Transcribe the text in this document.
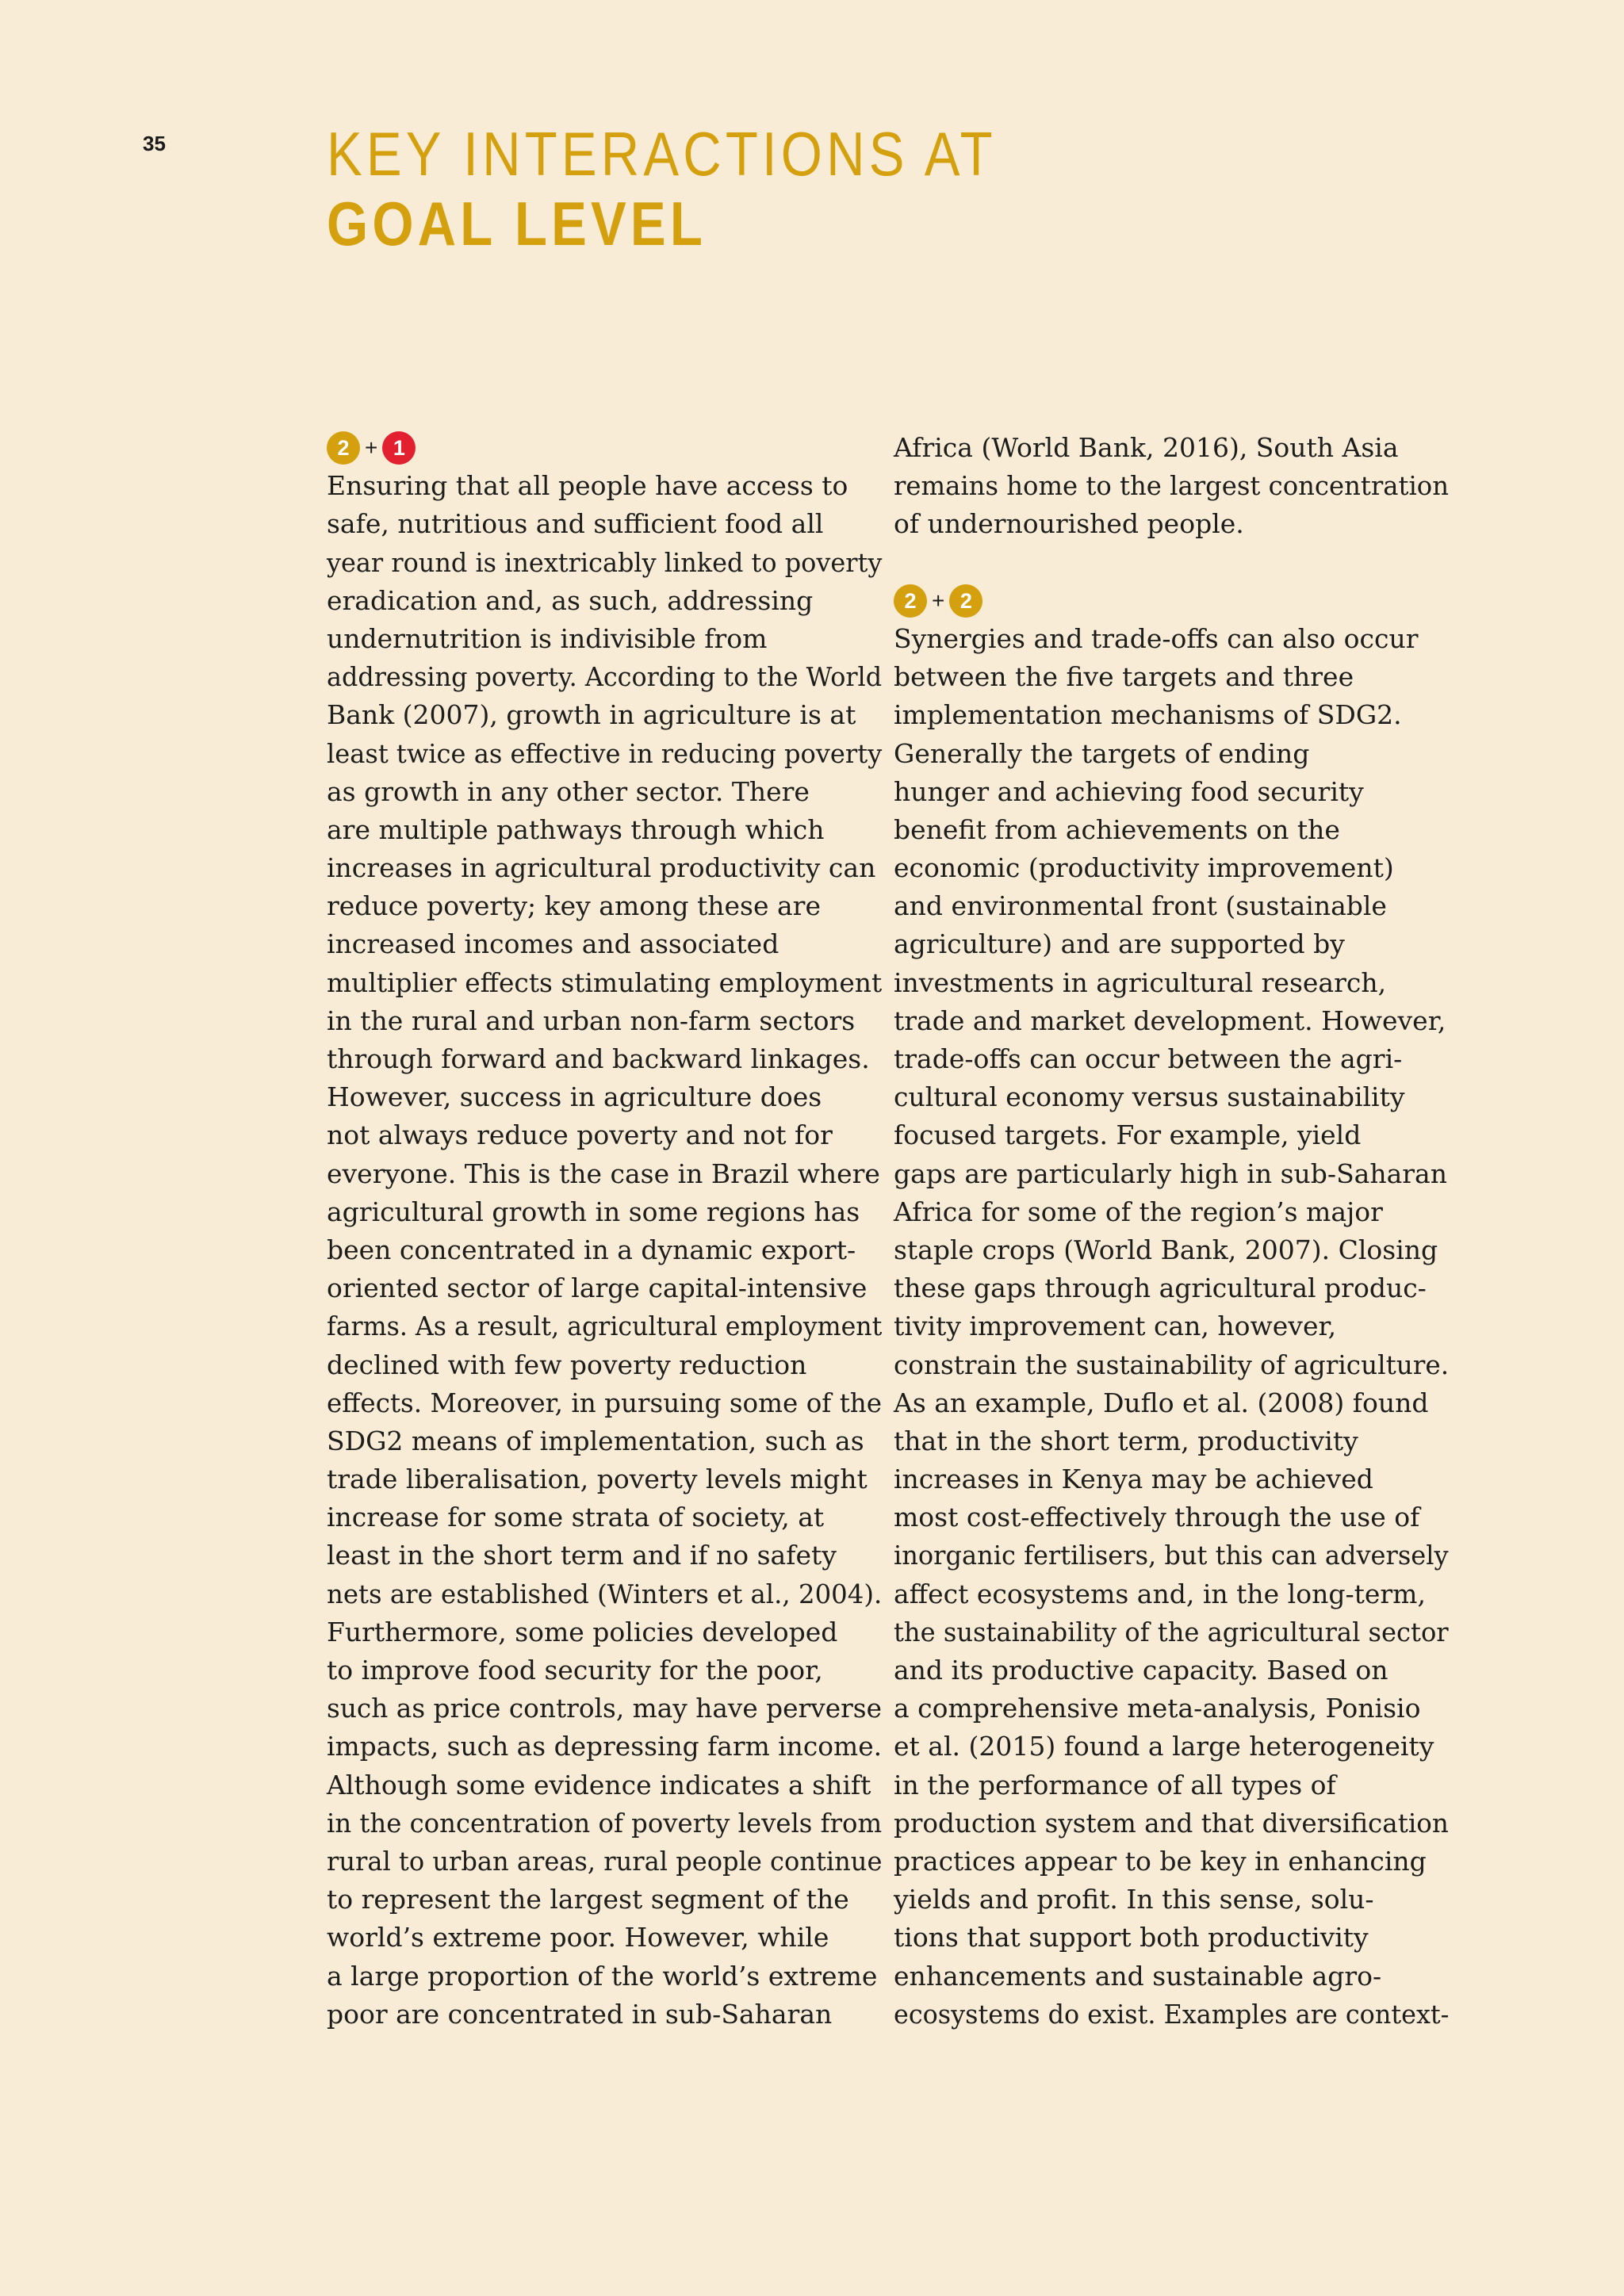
35	KEY INTERACTIONS AT
GOAL LEVEL
2 + 1
Ensuring that all people have access to
safe, nutritious and sufficient food all
year round is inextricably linked to poverty
eradication and, as such, addressing
undernutrition is indivisible from
addressing poverty. According to the World
Bank (2007), growth in agriculture is at
least twice as effective in reducing poverty
as growth in any other sector. There
are multiple pathways through which
increases in agricultural productivity can
reduce poverty; key among these are
increased incomes and associated
multiplier effects stimulating employment
in the rural and urban non-farm sectors
through forward and backward linkages.
However, success in agriculture does
not always reduce poverty and not for
everyone. This is the case in Brazil where
agricultural growth in some regions has
been concentrated in a dynamic export-
oriented sector of large capital-intensive
farms. As a result, agricultural employment
declined with few poverty reduction
effects. Moreover, in pursuing some of the
SDG2 means of implementation, such as
trade liberalisation, poverty levels might
increase for some strata of society, at
least in the short term and if no safety
nets are established (Winters et al., 2004).
Furthermore, some policies developed
to improve food security for the poor,
such as price controls, may have perverse
impacts, such as depressing farm income.
Although some evidence indicates a shift
in the concentration of poverty levels from
rural to urban areas, rural people continue
to represent the largest segment of the
world’s extreme poor. However, while
a large proportion of the world’s extreme
poor are concentrated in sub-Saharan
Africa (World Bank, 2016), South Asia
remains home to the largest concentration
of undernourished people.
2 + 2
Synergies and trade-offs can also occur
between the five targets and three
implementation mechanisms of SDG2.
Generally the targets of ending
hunger and achieving food security
benefit from achievements on the
economic (productivity improvement)
and environmental front (sustainable
agriculture) and are supported by
investments in agricultural research,
trade and market development. However,
trade-offs can occur between the agri-
cultural economy versus sustainability
focused targets. For example, yield
gaps are particularly high in sub-Saharan
Africa for some of the region’s major
staple crops (World Bank, 2007). Closing
these gaps through agricultural produc-
tivity improvement can, however,
constrain the sustainability of agriculture.
As an example, Duflo et al. (2008) found
that in the short term, productivity
increases in Kenya may be achieved
most cost-effectively through the use of
inorganic fertilisers, but this can adversely
affect ecosystems and, in the long-term,
the sustainability of the agricultural sector
and its productive capacity. Based on
a comprehensive meta-analysis, Ponisio
et al. (2015) found a large heterogeneity
in the performance of all types of
production system and that diversification
practices appear to be key in enhancing
yields and profit. In this sense, solu-
tions that support both productivity
enhancements and sustainable agro-
ecosystems do exist. Examples are context-
